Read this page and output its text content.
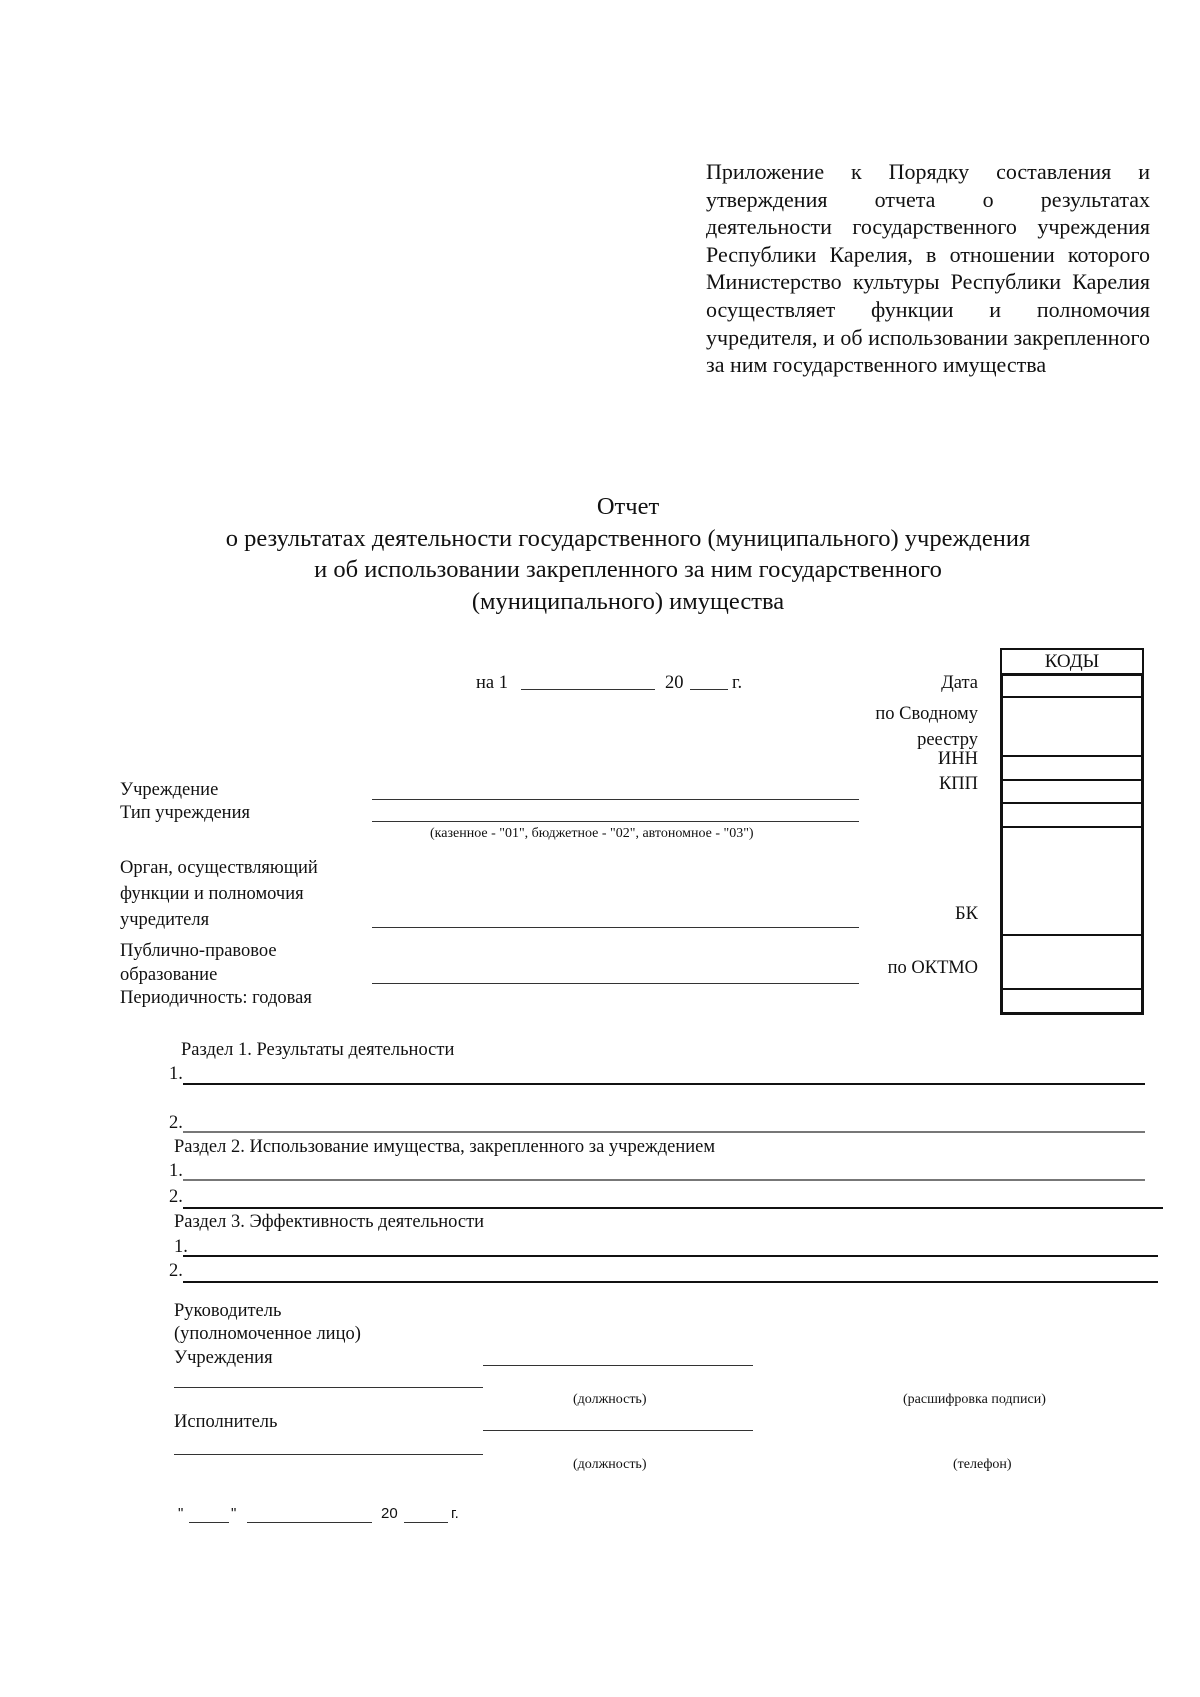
Приложение к Порядку составления и утверждения отчета о результатах деятельности государственного учреждения Республики Карелия, в отношении которого Министерство культуры Республики Карелия осуществляет функции и полномочия учредителя, и об использовании закрепленного за ним государственного имущества
Отчет
о результатах деятельности государственного (муниципального) учреждения
и об использовании закрепленного за ним государственного
(муниципального) имущества
на 1	20	г.	Дата
по Сводному
реестру
ИНН
КПП
БК
по ОКТМО
КОДЫ
Учреждение
Тип учреждения
(казенное - "01", бюджетное - "02", автономное - "03")
Орган, осуществляющий
функции и полномочия
учредителя
Публично-правовое
образование
Периодичность: годовая
Раздел 1. Результаты деятельности
1.
2.
Раздел 2. Использование имущества, закрепленного за учреждением
1.
2.
Раздел 3. Эффективность деятельности
1.
2.
Руководитель
(уполномоченное лицо)
Учреждения
(должность)	(расшифровка подписи)
Исполнитель
(должность)	(телефон)
"	"	20	г.
